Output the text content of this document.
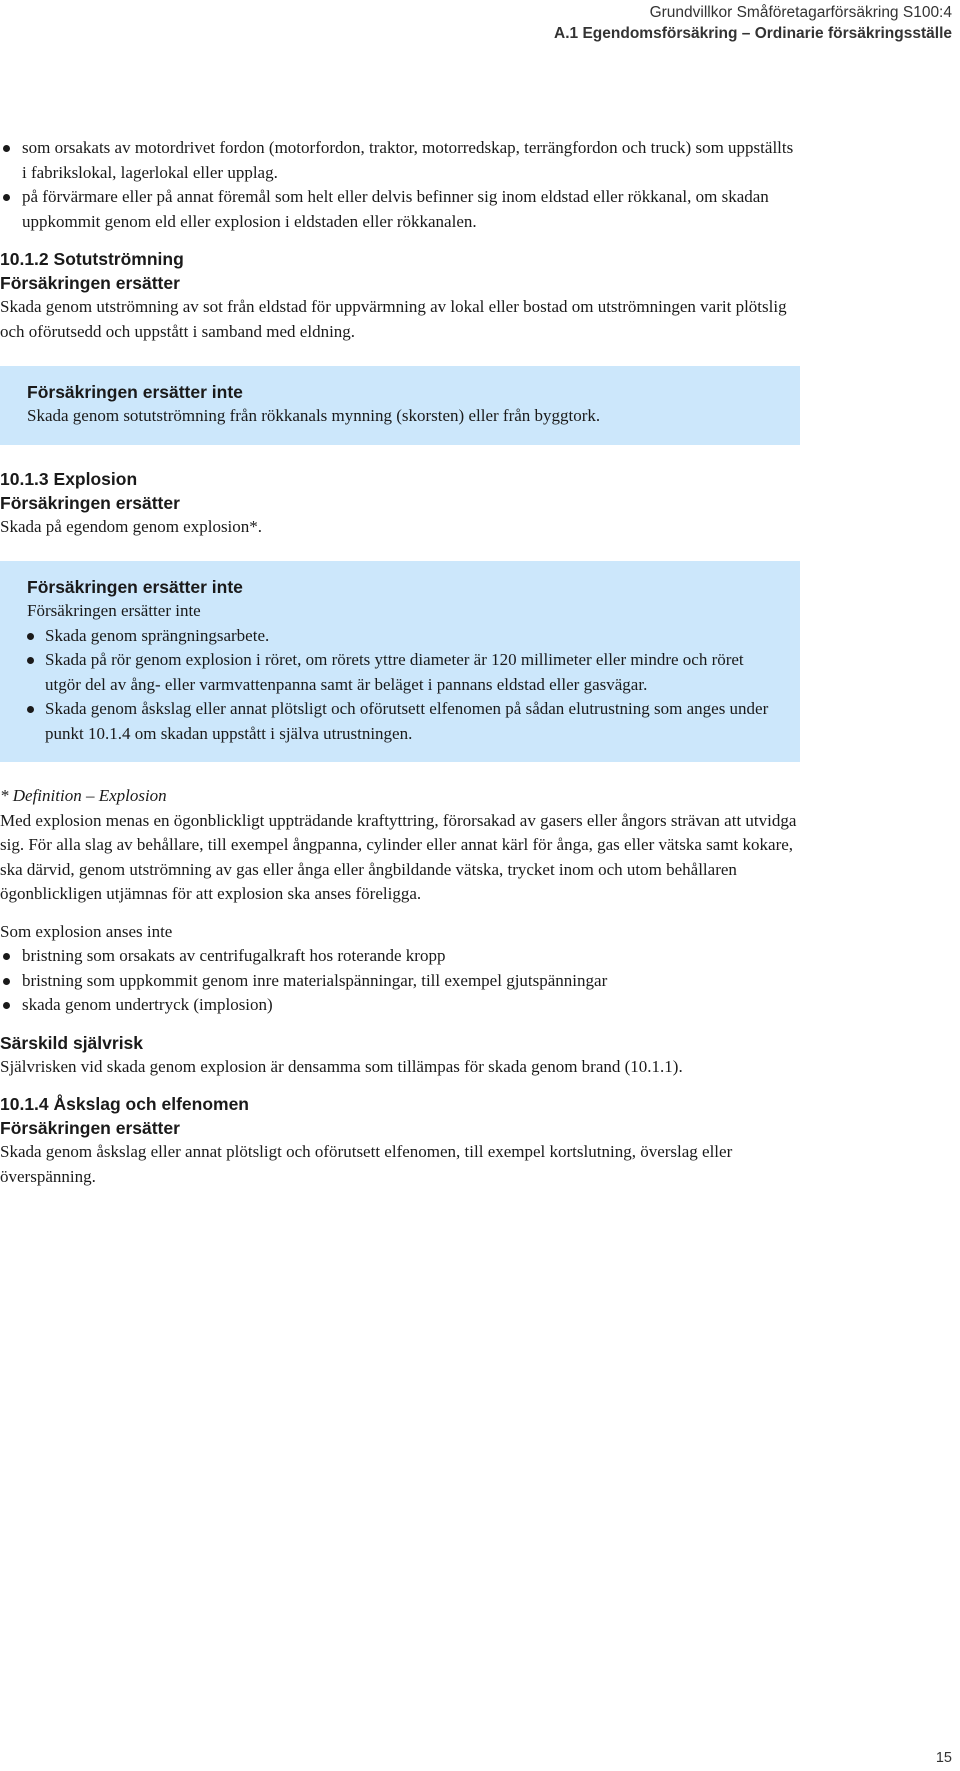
Grundvillkor Småföretagarförsäkring S100:4
A.1 Egendomsförsäkring – Ordinarie försäkringsställe
som orsakats av motordrivet fordon (motorfordon, traktor, motorredskap, terrängfordon och truck) som uppställts i fabrikslokal, lagerlokal eller upplag.
på förvärmare eller på annat föremål som helt eller delvis befinner sig inom eldstad eller rökkanal, om skadan uppkommit genom eld eller explosion i eldstaden eller rökkanalen.
10.1.2 Sotutströmning
Försäkringen ersätter

Skada genom utströmning av sot från eldstad för uppvärmning av lokal eller bostad om utströmningen varit plötslig och oförutsedd och uppstått i samband med eldning.

Försäkringen ersätter inte

Skada genom sotutströmning från rökkanals mynning (skorsten) eller från byggtork.

10.1.3 Explosion
Försäkringen ersätter

Skada på egendom genom explosion*.

Försäkringen ersätter inte

Försäkringen ersätter inte

Skada genom sprängningsarbete.
Skada på rör genom explosion i röret, om rörets yttre diameter är 120 millimeter eller mindre och röret utgör del av ång- eller varmvattenpanna samt är beläget i pannans eldstad eller gasvägar.
Skada genom åskslag eller annat plötsligt och oförutsett elfenomen på sådan elutrustning som anges under punkt 10.1.4 om skadan uppstått i själva utrustningen.

* Definition – Explosion

Med explosion menas en ögonblickligt uppträdande kraftyttring, förorsakad av gasers eller ångors strävan att utvidga sig. För alla slag av behållare, till exempel ångpanna, cylinder eller annat kärl för ånga, gas eller vätska samt kokare, ska därvid, genom utströmning av gas eller ånga eller ångbildande vätska, trycket inom och utom behållaren ögonblickligen utjämnas för att explosion ska anses föreligga.

Som explosion anses inte

bristning som orsakats av centrifugalkraft hos roterande kropp
bristning som uppkommit genom inre materialspänningar, till exempel gjutspänningar
skada genom undertryck (implosion)
Särskild självrisk

Självrisken vid skada genom explosion är densamma som tillämpas för skada genom brand (10.1.1).

10.1.4 Åskslag och elfenomen
Försäkringen ersätter

Skada genom åskslag eller annat plötsligt och oförutsett elfenomen, till exempel kortslutning, överslag eller överspänning.

15
